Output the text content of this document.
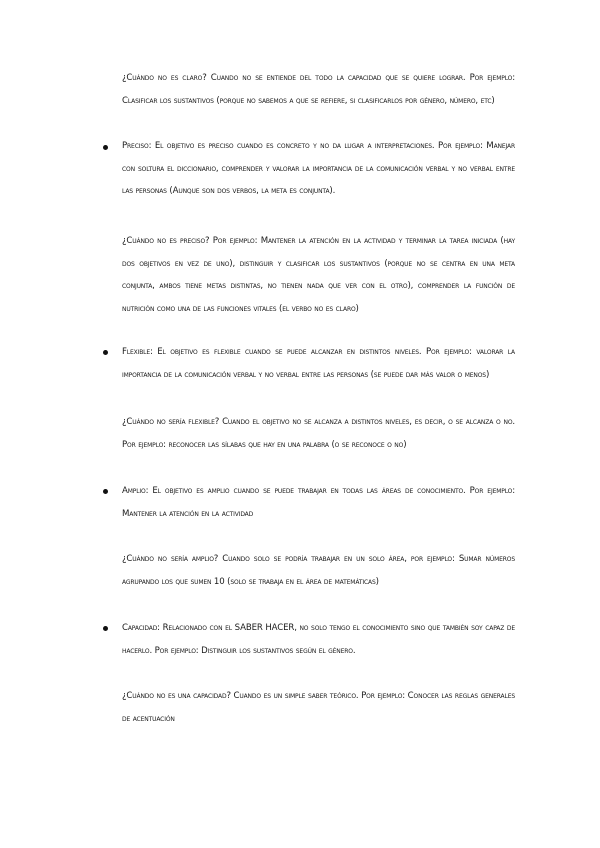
¿Cuándo no es claro? Cuando no se entiende del todo la capacidad que se quiere lograr. Por ejemplo: Clasificar los sustantivos (porque no sabemos a que se refiere, si clasificarlos por género, número, etc)
Preciso: El objetivo es preciso cuando es concreto y no da lugar a interpretaciones. Por ejemplo: Manejar con soltura el diccionario, comprender y valorar la importancia de la comunicación verbal y no verbal entre las personas (Aunque son dos verbos, la meta es conjunta).
¿Cuándo no es preciso? Por ejemplo: Mantener la atención en la actividad y terminar la tarea iniciada (hay dos objetivos en vez de uno), distinguir y clasificar los sustantivos (porque no se centra en una meta conjunta, ambos tiene metas distintas, no tienen nada que ver con el otro), comprender la función de nutrición como una de las funciones vitales (el verbo no es claro)
Flexible: El objetivo es flexible cuando se puede alcanzar en distintos niveles. Por ejemplo: valorar la importancia de la comunicación verbal y no verbal entre las personas (se puede dar más valor o menos)
¿Cuándo no sería flexible? Cuando el objetivo no se alcanza a distintos niveles, es decir, o se alcanza o no. Por ejemplo: reconocer las sílabas que hay en una palabra (o se reconoce o no)
Amplio: El objetivo es amplio cuando se puede trabajar en todas las áreas de conocimiento. Por ejemplo: Mantener la atención en la actividad
¿Cuándo no sería amplio? Cuando solo se podría trabajar en un solo área, por ejemplo: Sumar números agrupando los que sumen 10 (solo se trabaja en el área de matemáticas)
Capacidad: Relacionado con el SABER HACER, no solo tengo el conocimiento sino que también soy capaz de hacerlo. Por ejemplo: Distinguir los sustantivos según el género.
¿Cuándo no es una capacidad? Cuando es un simple saber teórico. Por ejemplo: Conocer las reglas generales de acentuación
